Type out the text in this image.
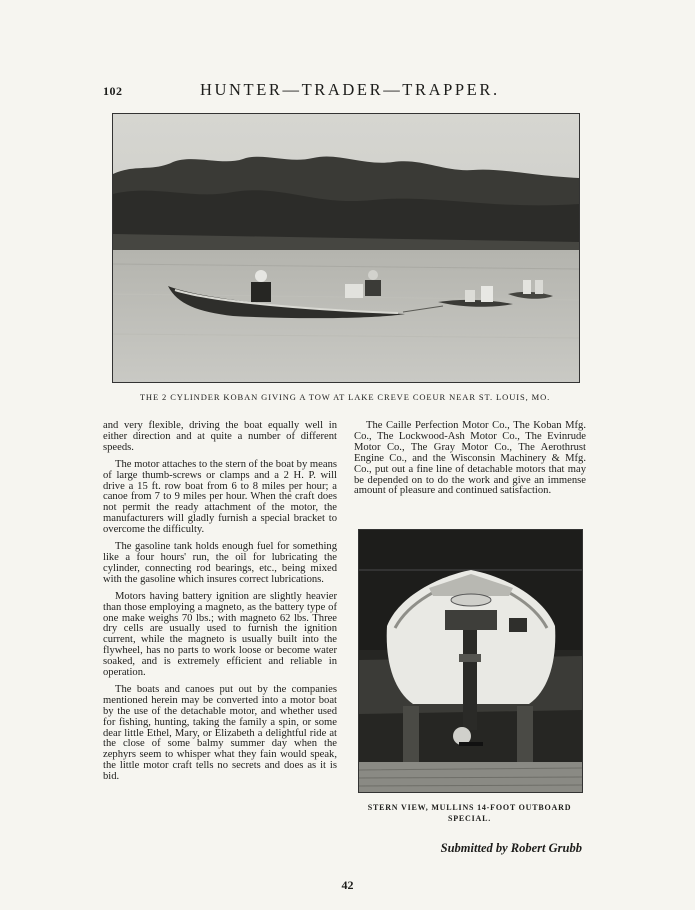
102	HUNTER—TRADER—TRAPPER.
THE 2 CYLINDER KOBAN GIVING A TOW AT LAKE CREVE COEUR NEAR ST. LOUIS, MO.

and very flexible, driving the boat equally well in either direction and at quite a number of different speeds.

The motor attaches to the stern of the boat by means of large thumb-screws or clamps and a 2 H. P. will drive a 15 ft. row boat from 6 to 8 miles per hour; a canoe from 7 to 9 miles per hour. When the craft does not permit the ready attachment of the motor, the manufacturers will gladly furnish a special bracket to overcome the difficulty.

The gasoline tank holds enough fuel for something like a four hours' run, the oil for lubricating the cylinder, connecting rod bearings, etc., being mixed with the gasoline which insures correct lubrications.

Motors having battery ignition are slightly heavier than those employing a magneto, as the battery type of one make weighs 70 lbs.; with magneto 62 lbs. Three dry cells are usually used to furnish the ignition current, while the magneto is usually built into the flywheel, has no parts to work loose or become water soaked, and is extremely efficient and reliable in operation.

The boats and canoes put out by the companies mentioned herein may be converted into a motor boat by the use of the detachable motor, and whether used for fishing, hunting, taking the family a spin, or some dear little Ethel, Mary, or Elizabeth a delightful ride at the close of some balmy summer day when the zephyrs seem to whisper what they fain would speak, the little motor craft tells no secrets and does as it is bid.

The Caille Perfection Motor Co., The Koban Mfg. Co., The Lockwood-Ash Motor Co., The Evinrude Motor Co., The Gray Motor Co., The Aerothrust Engine Co., and the Wisconsin Machinery & Mfg. Co., put out a fine line of detachable motors that may be depended on to do the work and give an immense amount of pleasure and continued satisfaction.

STERN VIEW, MULLINS 14-FOOT OUTBOARD SPECIAL.
Submitted by Robert Grubb
42
